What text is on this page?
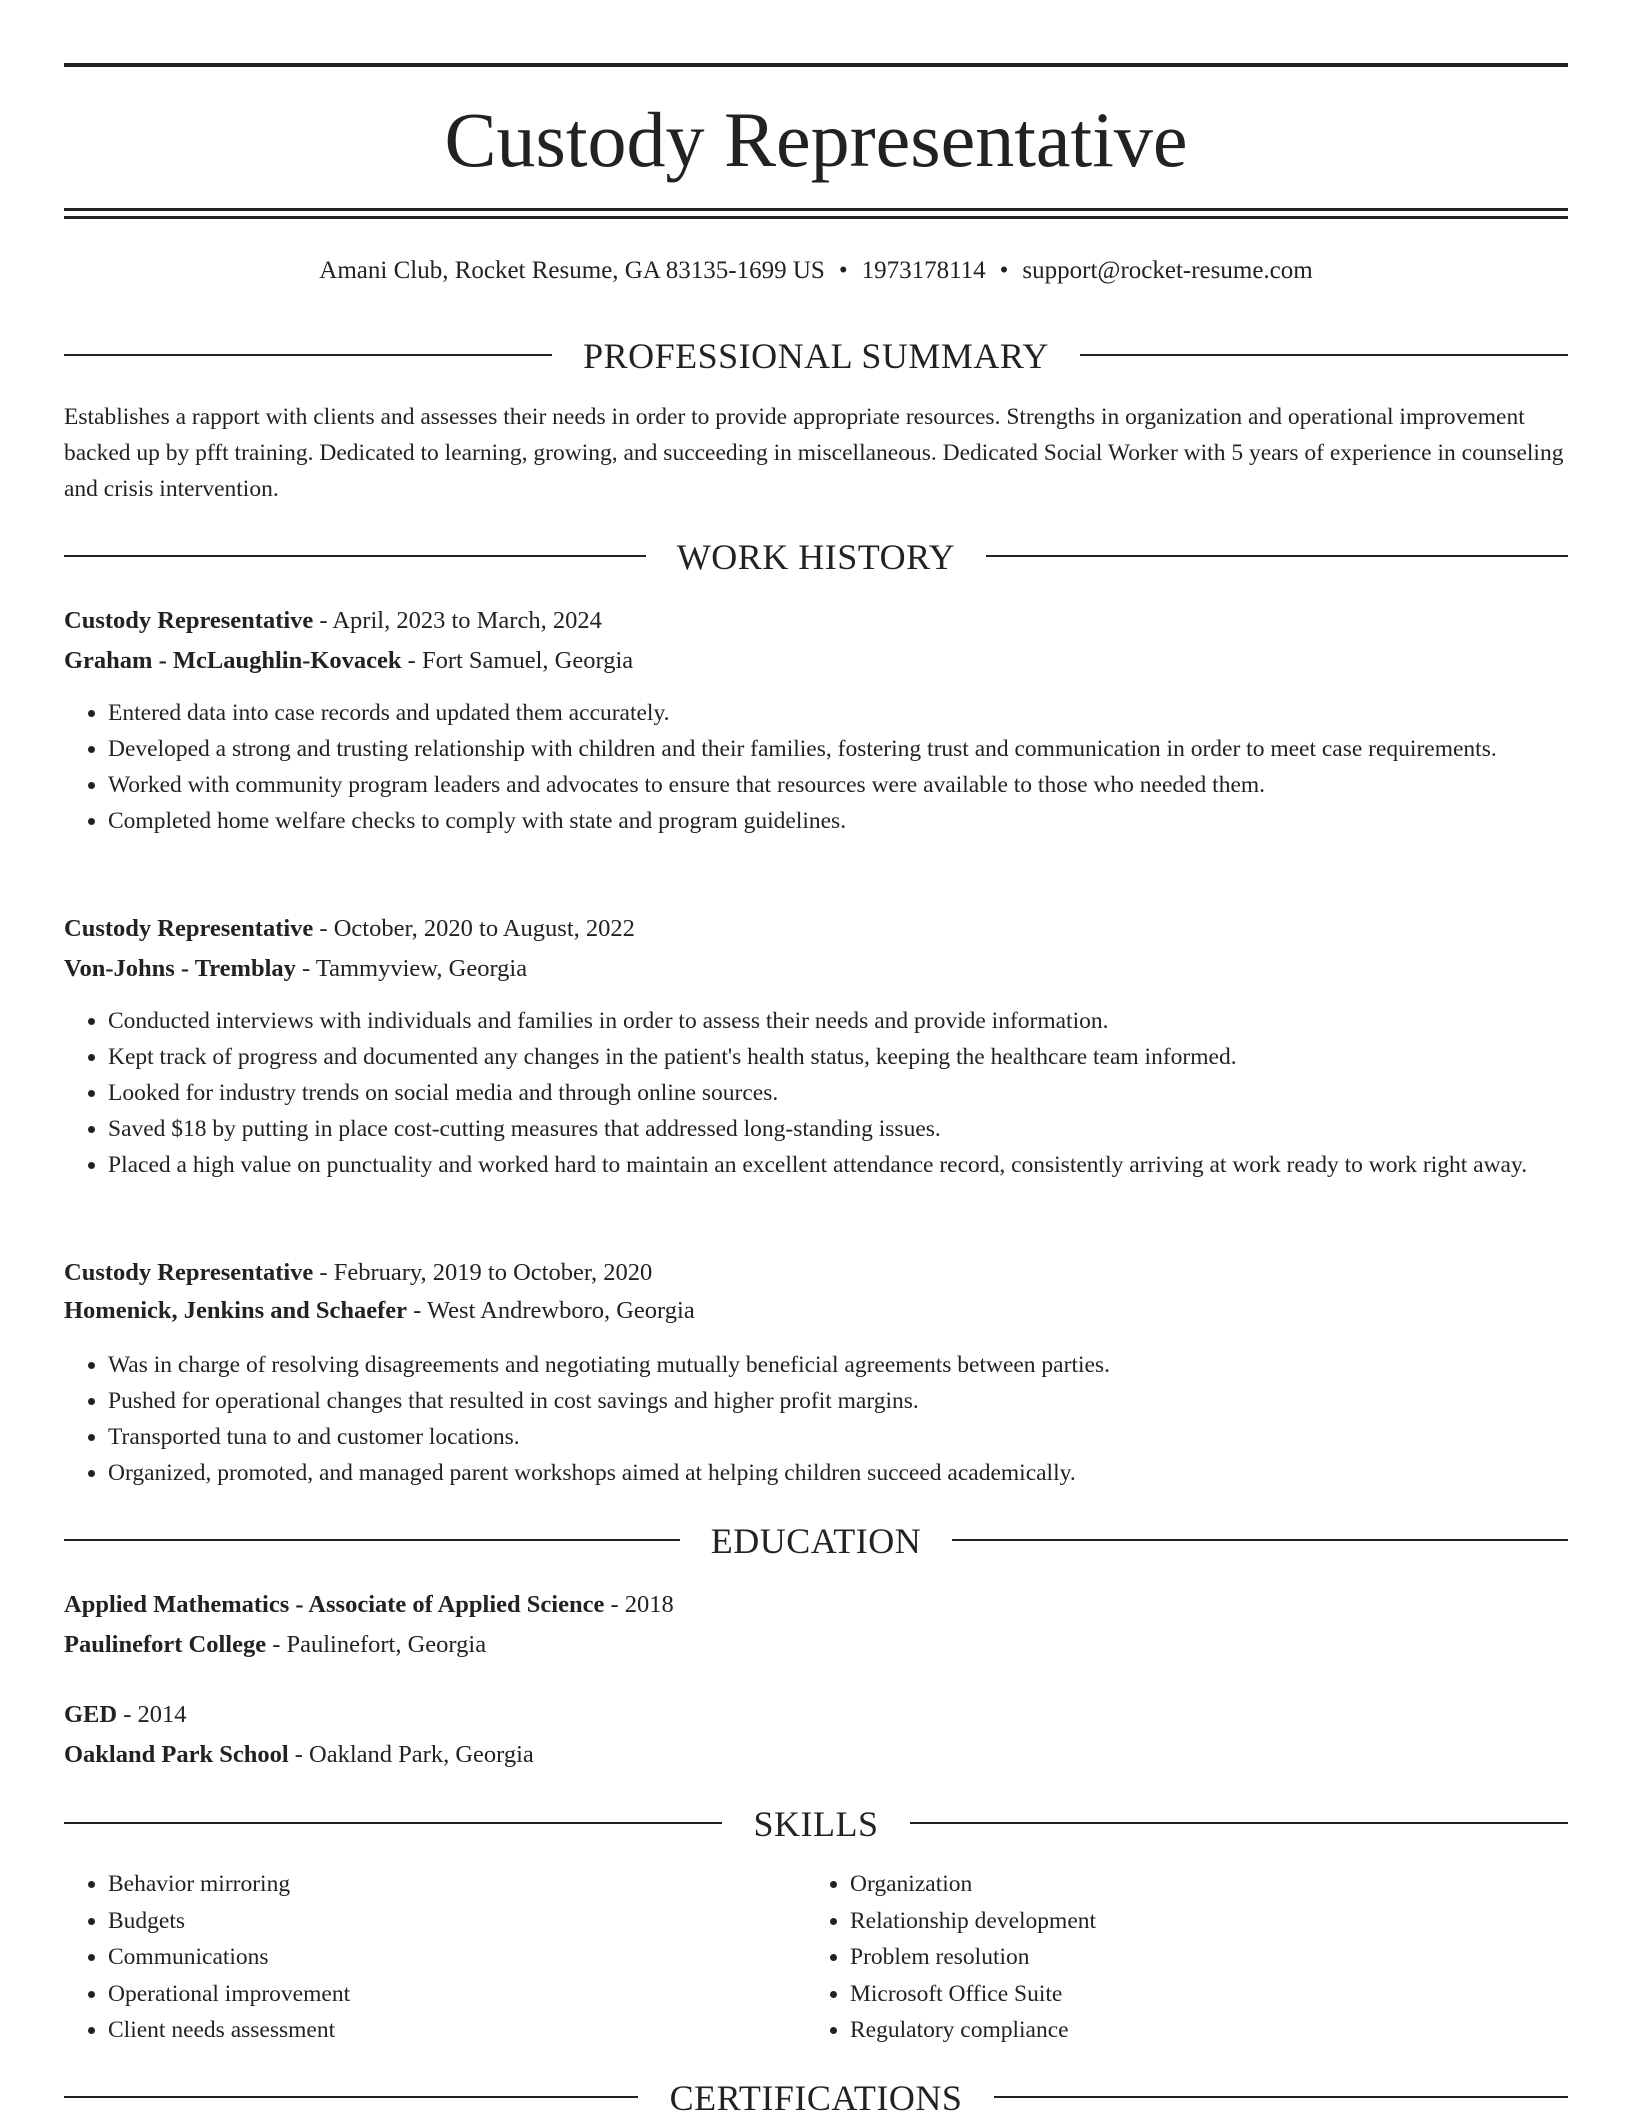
Custody Representative
Amani Club, Rocket Resume, GA 83135-1699 US • 1973178114 • support@rocket-resume.com
PROFESSIONAL SUMMARY

Establishes a rapport with clients and assesses their needs in order to provide appropriate resources. Strengths in organization and operational improvement backed up by pfft training. Dedicated to learning, growing, and succeeding in miscellaneous. Dedicated Social Worker with 5 years of experience in counseling and crisis intervention.

WORK HISTORY
Custody Representative - April, 2023 to March, 2024
Graham - McLaughlin-Kovacek - Fort Samuel, Georgia
• Entered data into case records and updated them accurately.
• Developed a strong and trusting relationship with children and their families, fostering trust and communication in order to meet case requirements.
• Worked with community program leaders and advocates to ensure that resources were available to those who needed them.
• Completed home welfare checks to comply with state and program guidelines.
Custody Representative - October, 2020 to August, 2022
Von-Johns - Tremblay - Tammyview, Georgia
• Conducted interviews with individuals and families in order to assess their needs and provide information.
• Kept track of progress and documented any changes in the patient's health status, keeping the healthcare team informed.
• Looked for industry trends on social media and through online sources.
• Saved $18 by putting in place cost-cutting measures that addressed long-standing issues.
• Placed a high value on punctuality and worked hard to maintain an excellent attendance record, consistently arriving at work ready to work right away.
Custody Representative - February, 2019 to October, 2020
Homenick, Jenkins and Schaefer - West Andrewboro, Georgia
• Was in charge of resolving disagreements and negotiating mutually beneficial agreements between parties.
• Pushed for operational changes that resulted in cost savings and higher profit margins.
• Transported tuna to and customer locations.
• Organized, promoted, and managed parent workshops aimed at helping children succeed academically.
EDUCATION
Applied Mathematics - Associate of Applied Science - 2018
Paulinefort College - Paulinefort, Georgia
GED - 2014
Oakland Park School - Oakland Park, Georgia
SKILLS
• Behavior mirroring
• Budgets
• Communications
• Operational improvement
• Client needs assessment
• Organization
• Relationship development
• Problem resolution
• Microsoft Office Suite
• Regulatory compliance
CERTIFICATIONS
